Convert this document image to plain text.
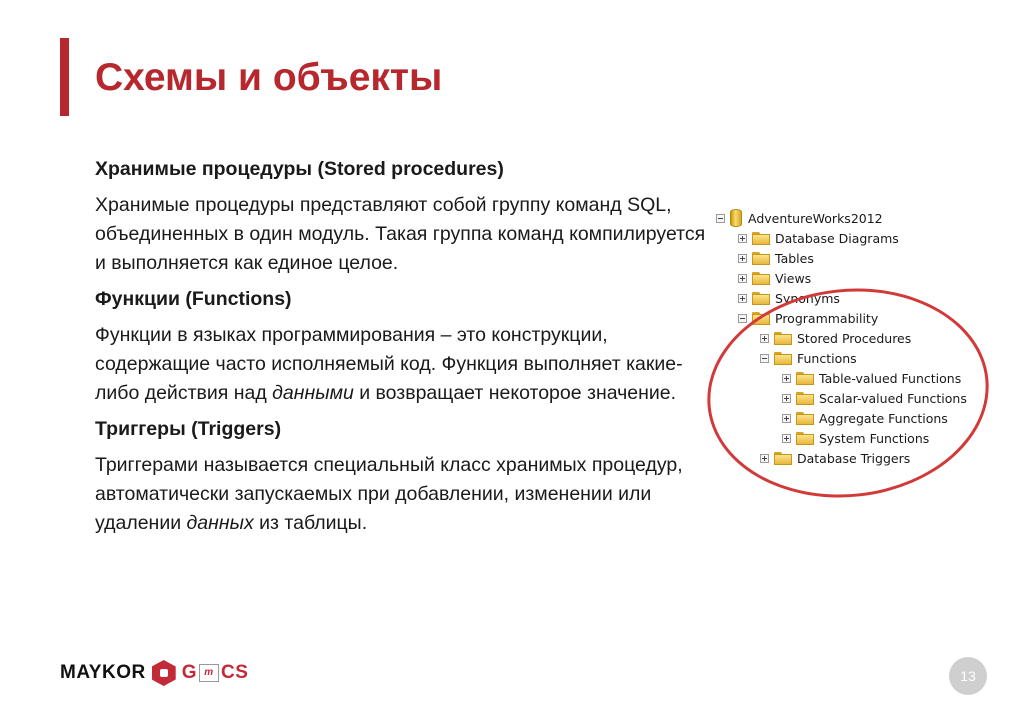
Схемы и объекты

Хранимые процедуры (Stored procedures)

Хранимые процедуры представляют собой группу команд SQL, объединенных в один модуль. Такая группа команд компилируется и выполняется как единое целое.

Функции (Functions)

Функции в языках программирования – это конструкции, содержащие часто исполняемый код. Функция выполняет какие-либо действия над данными и возвращает некоторое значение.

Триггеры (Triggers)

Триггерами называется специальный класс хранимых процедур, автоматически запускаемых при добавлении, изменении или удалении данных из таблицы.

AdventureWorks2012
Database Diagrams
Tables
Views
Synonyms
Programmability
Stored Procedures
Functions
Table-valued Functions
Scalar-valued Functions
Aggregate Functions
System Functions
Database Triggers
MAYKOR G m CS	13
